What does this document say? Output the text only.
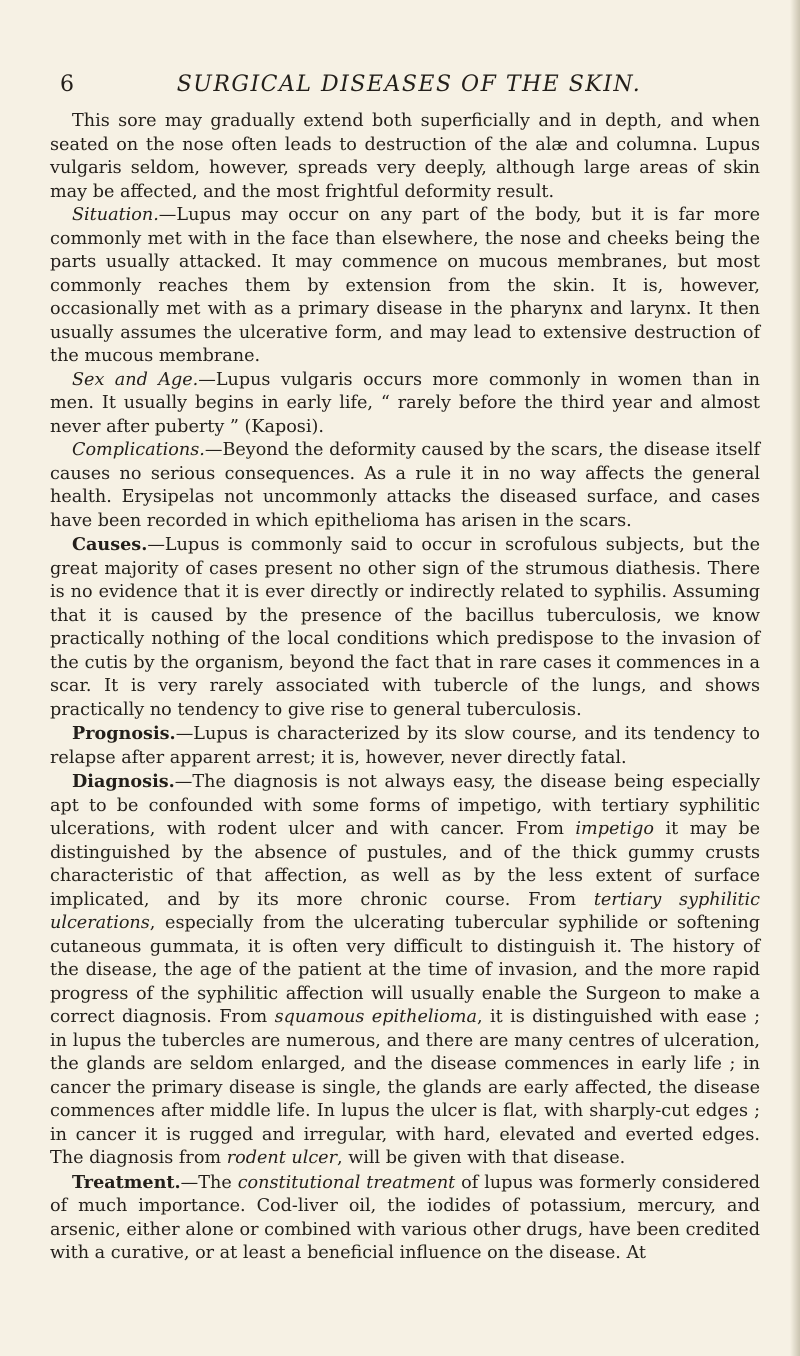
6	SURGICAL DISEASES OF THE SKIN.

This sore may gradually extend both superficially and in depth, and when seated on the nose often leads to destruction of the alæ and columna. Lupus vulgaris seldom, however, spreads very deeply, although large areas of skin may be affected, and the most frightful deformity result.

Situation.—Lupus may occur on any part of the body, but it is far more commonly met with in the face than elsewhere, the nose and cheeks being the parts usually attacked. It may commence on mucous membranes, but most commonly reaches them by extension from the skin. It is, however, occasionally met with as a primary disease in the pharynx and larynx. It then usually assumes the ulcerative form, and may lead to extensive destruction of the mucous membrane.

Sex and Age.—Lupus vulgaris occurs more commonly in women than in men. It usually begins in early life, “ rarely before the third year and almost never after puberty ” (Kaposi).

Complications.—Beyond the deformity caused by the scars, the disease itself causes no serious consequences. As a rule it in no way affects the general health. Erysipelas not uncommonly attacks the diseased surface, and cases have been recorded in which epithelioma has arisen in the scars.

Causes.—Lupus is commonly said to occur in scrofulous subjects, but the great majority of cases present no other sign of the strumous diathesis. There is no evidence that it is ever directly or indirectly related to syphilis. Assuming that it is caused by the presence of the bacillus tuberculosis, we know practically nothing of the local conditions which predispose to the invasion of the cutis by the organism, beyond the fact that in rare cases it commences in a scar. It is very rarely associated with tubercle of the lungs, and shows practically no tendency to give rise to general tuberculosis.

Prognosis.—Lupus is characterized by its slow course, and its tendency to relapse after apparent arrest; it is, however, never directly fatal.

Diagnosis.—The diagnosis is not always easy, the disease being especially apt to be confounded with some forms of impetigo, with tertiary syphilitic ulcerations, with rodent ulcer and with cancer. From impetigo it may be distinguished by the absence of pustules, and of the thick gummy crusts characteristic of that affection, as well as by the less extent of surface implicated, and by its more chronic course. From tertiary syphilitic ulcerations, especially from the ulcerating tubercular syphilide or softening cutaneous gummata, it is often very difficult to distinguish it. The history of the disease, the age of the patient at the time of invasion, and the more rapid progress of the syphilitic affection will usually enable the Surgeon to make a correct diagnosis. From squamous epithelioma, it is distinguished with ease ; in lupus the tubercles are numerous, and there are many centres of ulceration, the glands are seldom enlarged, and the disease commences in early life ; in cancer the primary disease is single, the glands are early affected, the disease commences after middle life. In lupus the ulcer is flat, with sharply-cut edges ; in cancer it is rugged and irregular, with hard, elevated and everted edges. The diagnosis from rodent ulcer, will be given with that disease.

Treatment.—The constitutional treatment of lupus was formerly considered of much importance. Cod-liver oil, the iodides of potassium, mercury, and arsenic, either alone or combined with various other drugs, have been credited with a curative, or at least a beneficial influence on the disease. At
